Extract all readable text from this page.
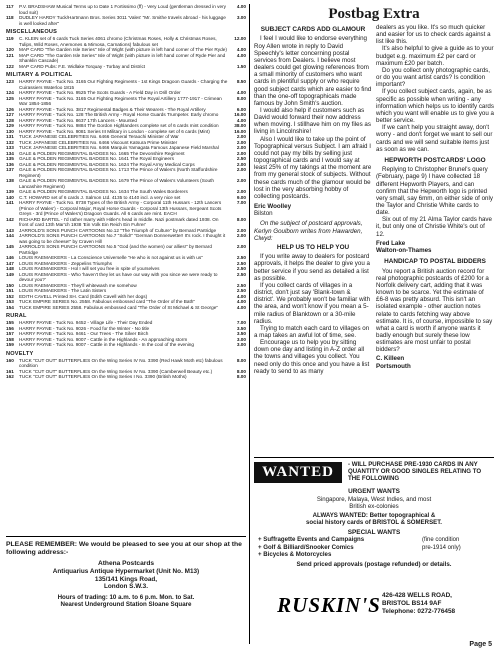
117	P.V. BRADSHAW Musical Terms up to Date 1 Fortissimo (ff) - Very Loud (gentleman dressed in very loud suit)
4.00
118	DUDLEY HARDY Tuck/Hartmann Bros. Series 3011 'Vales' "Mr. Smithe travels abroad - his luggage is well looked after"
3.00
MISCELLANEOUS
119	C. KLEIN set of 6 cards Tuck Series 4061 chromo (Christmas Roses, Holly & Christmas Roses, Tulips, Wild Roses, Anemones & Mimosa, Carnations) fabulous set
12.00
120	MAP CARD "The Garden Isle Series" Isle of Wight (with picture in left hand corner of The Pier Ryde)	4.00
121	MAP CARD "The Garden Isle Series" Isle of Wight (with picture in left hand corner of Ryde Pier and Shanklin Cascade)
4.00
122	MAP CARD Pubs: F.E. Widlake Torquay - Torbay and District	1.50
MILITARY & POLITICAL
123	HARRY PAYNE - Tuck No. 3165 Our Fighting Regiments - 1st Kings Dragoon Guards - Charging the Cuirassiers Waterloo 1815
8.50
124	HARRY PAYNE - Tuck No. 9525 The Scots Guards - A Field Day in Drill Order	4.00
125	HARRY PAYNE - Tuck No. 3165 Our Fighting Regiments The Royal Artillery 1777-1917 - Crimean War 1854-1856
8.00
126	HARRY PAYNE - Tuck No. 3817 Regimental Badges & Their Wearers - The Royal Artillery	6.00
127	HARRY PAYNE - Tuck No. 128 The British Army - Royal Horse Guards Trumpeter. Early chromo	16.00
128	HARRY PAYNE - Tuck No. 8637 17th Lancers - Mounted	4.00
129	HARRY PAYNE - Tuck No. 9884 The Gordon Highlanders complete set of 6 cards mint condition	38.00
130	HARRY PAYNE - Tuck No. 9081 Series III Military in London - complete set of 6 cards (Mint)	16.00
131	TUCK JAPANESE CELEBRITIES No. 6466 General Teraochi Minister of War	2.00
132	TUCK JAPANESE CELEBRITIES No. 6466 Viscount Katsura Prime Minister	2.00
133	TUCK JAPANESE CELEBRITIES No. 6466 Marquis Yamagata Famous Japanese Field Marshal	2.00
134	GALE & POLDEN REGIMENTAL BADGES No. 1665 The Devonshire Regiment	2.00
135	GALE & POLDEN REGIMENTAL BADGES No. 1641 The Royal Engineers	2.50
136	GALE & POLDEN REGIMENTAL BADGES No. 1624 The Royal Army Medical Corps	2.00
137	GALE & POLDEN REGIMENTAL BADGES No. 1713 The Prince of Wales's (North Staffordshire Regiment)
2.00
138	GALE & POLDEN REGIMENTAL BADGES No. 1679 The Prince of Wales's Volunteers (South Lancashire Regiment)
2.00
139	GALE & POLDEN REGIMENTAL BADGES No. 1634 The South Wales Borderers	2.00
140	C.T. HOWARD set of 6 cards J. Salmon Ltd. 4135 to 4140 incl. a very nice set	9.00
141	HARRY PAYNE - Tuck No. 8738 Types of the British Army - Corporal 11th Hussars - 12th Lancers (Prince of Wales') - Corporal Major, Royal Horse Guards - Corporal 13th Hussars, Sergeant Scots Greys - 3rd (Prince of Wales's) Dragoon Guards. All 6 cards are mint. EACH
7.00
142	RICHARD BARTEL - I'd rather marry with Hitler's head in middle. Nazi postmark dated 1938. On front of card 13th Mar'ch 1938 'Ein Volk Ein Reich Ein Fuhrer'
8.00
143	JARROLD'S SONS PUNCH CARTOONS No.12 "The Triumph of Culture" by Bernard Partridge	2.00
144	JARROLD'S SONS PUNCH CARTOONS No.7 "Solid!" "German Donnerwetter! It's rock. I thought it was going to be cheese!" by Craven Hill
2.00
145	JARROLD'S SONS PUNCH CARTOONS No.5 "God (and the women) our allies!" by Bernard Partridge
2.00
146	LOUIS RAEMAEKERS - La Conscience Universelle "He who is not against us is with us"	2.50
147	LOUIS RAEMAEKERS - Zeppelins Triumphs	2.50
148	LOUIS RAEMAEKERS - Hol I will set you free in spite of yourselves	2.50
149	LOUIS RAEMAEKERS - Who 'haven't they let us have our way with you since we were ready to devour you?'
2.50
150	LOUIS RAEMAEKERS - They'll whitewash me somehow	2.50
151	LOUIS RAEMAEKERS - The Latin Sisters	2.50
152	EDITH CAVELL Printed SH. Card (Edith Cavell with her dogs)	4.00
153	TUCK EMPIRE SERIES No. 2558. Fabulous embossed card "The Order of the Bath"	4.00
154	TUCK EMPIRE SERIES 2558. Fabulous embossed card "The Order of St Michael & St George"	4.00
RURAL
155	HARRY PAYNE - Tuck No. 9452 - Village Life - Their Day Ended	7.00
156	HARRY PAYNE - Tuck No. 9026 - Food for the Winter - No title	3.50
157	HARRY PAYNE - Tuck No. 9461 - Our Trees - The Silver Birch	3.50
158	HARRY PAYNE - Tuck No. 9007 - Cattle in the Highlands - An approaching storm	3.00
159	HARRY PAYNE - Tuck No. 9007 - Cattle in the Highlands - In the cool of the evening	3.00
NOVELTY
160	TUCK "CUT OUT" BUTTERFLIES On the Wing Series IV No. 3390 (Red Hawk Moth etc) fabulous condition
8.00
161	TUCK "CUT OUT" BUTTERFLIES On the Wing Series IV No. 3390 (Camberwell Beauty etc.)	8.00
162	TUCK "CUT OUT" BUTTERFLIES On the Wing Series I No. 3390 (British Moths)	8.00
PLEASE REMEMBER: We would be pleased to see you at our shop at the following address:-
Athena Postcards
Antiquarius Antique Hypermarket (Unit No. M13)
135/141 Kings Road,
London S.W.3.
Hours of trading: 10 a.m. to 6 p.m. Mon. to Sat.
Nearest Underground Station Sloane Square
Postbag Extra
SUBJECT CARDS ADD GLAMOUR

I feel I would like to endorse everything Roy Allen wrote in reply to David Speechly's letter concerning postal services from Dealers. I believe most dealers could get glowing references from a small minority of customers who want cards in plentiful supply or who require good subject cards which are easier to find than the one-off topographicals made famous by John Smith's auction.

I would also help if customers such as David would forward their now address when moving. I stillhave him on my files as living in Lincolnshire!

Also I would like to take up the point of Topographical versus Subject. I am afraid I could not pay my bills by selling just topographical cards and I would say at least 25% of my takings at the moment are from my general stock of subjects. Without these cards much of the glamour would be lost in the very absorbing hobby of collecting postcards.

Eric Woolley
Bilston

On the subject of postcard approvals, Kerlyn Goulborn writes from Hawarden, Clwyd:

HELP US TO HELP YOU

If you write away to dealers for postcard approvals, it helps the dealer to give you a better service if you send as detailed a list as possible.

If you collect cards of villages in a district, don't just say 'Blank-town & district'. We probably won't be familiar with the area, and won't know if you mean a 5-mile radius of Blanktown or a 30-mile radius.

Trying to match each card to villages on a map takes an awful lot of time, see.

Encourage us to help you by sitting down one day and listing in A-Z order all the towns and villages you collect. You need only do this once and you have a list ready to send to as many

dealers as you like. It's so much quicker and easier for us to check cards against a list like this.

It's also helpful to give a guide as to your budget e.g. maximum £2 per card or maximum £20 per batch.

Do you collect only photographic cards, or do you want artist cards? Is condition important?

If you collect subject cards, again, be as specific as possible when writing - any information which helps us to identify cards which you want will enable us to give you a better service.

If we can't help you straight away, don't worry - and don't forget we want to sell our cards and we will send suitable items just as soon as we can.

HEPWORTH POSTCARDS' LOGO

Replying to Christopher Brunel's query (February, page 9) I have collected 18 different Hepworth Players, and can confirm that the Hepworth logo is printed very small, say 6mm, on either side of only the Taylor and Christie White cards to date.

Six out of my 21 Alma Taylor cards have it, but only one of Christie White's out of 12.

Fred Lake
Walton-on-Thames
HANDICAP TO POSTAL BIDDERS

You report a British auction record for real photographic postcards of £200 for a Norfolk delivery cart, adding that it was known to be scarce. Yet the estimate of £6-8 was pretty absurd. This isn't an isolated example - other auction notes relate to cards fetching way above estimate. It is, of course, impossible to say what a card is worth if anyone wants it badly enough but surely these low estimates are most unfair to postal bidders?

C. Killeen
Portsmouth
WANTED - WILL PURCHASE PRE-1930 CARDS IN ANY QUANTITY OR GOOD SINGLES RELATING TO THE FOLLOWING
URGENT WANTS
Singapore, Malaya, West Indies, and most
British ex-colonies
ALWAYS WANTED: Better topographical &
social history cards of BRISTOL & SOMERSET.
SPECIAL WANTS
+ Suffragette Events and Campaigns
+ Golf & Billiard/Snooker Comics
+ Bicycles & Motorcycles
(fine condition
pre-1914 only)
Send priced approvals (postage refunded) or details.
RUSKIN'S 426-428 WELLS ROAD,
BRISTOL BS14 9AF
Telephone: 0272-776458
Page 5
